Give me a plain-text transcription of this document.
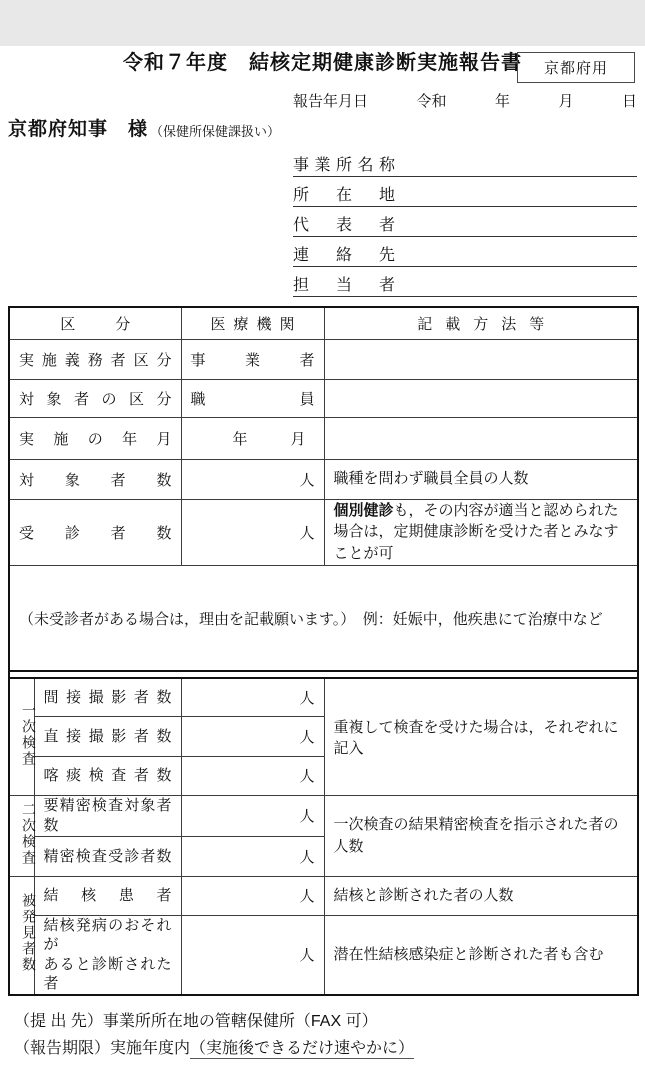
京都府用
令和７年度　結核定期健康診断実施報告書
報告年月日	令和	年	月	日
京都府知事　様 （保健所保健課扱い）
事業所名称
所在地
代表者
連絡先
担当者
区分		医療機関	記載方法等

実施義務者区分		事業者	

対象者の区分		職員	

実施の年月		年 月	

対象者数		人	職種を問わず職員全員の人数

受診者数		人	個別健診も，その内容が適当と認められた場合は，定期健康診断を受けた者とみなすことが可
（未受診者がある場合は，理由を記載願います。）　例：妊娠中，他疾患にて治療中など			

一次検査	間接撮影者数	人	重複して検査を受けた場合は，それぞれに記入

	直接撮影者数	人	

	喀痰検査者数	人	
二次検査	要精密検査対象者数	人	一次検査の結果精密検査を指示された者の人数

	精密検査受診者数	人	
被発見者数	結核患者	人	結核と診断された者の人数

	結核発病のおそれが
あると診断された者	人	潜在性結核感染症と診断された者も含む
（提 出 先）事業所所在地の管轄保健所（FAX 可）
（報告期限）実施年度内（実施後できるだけ速やかに）
